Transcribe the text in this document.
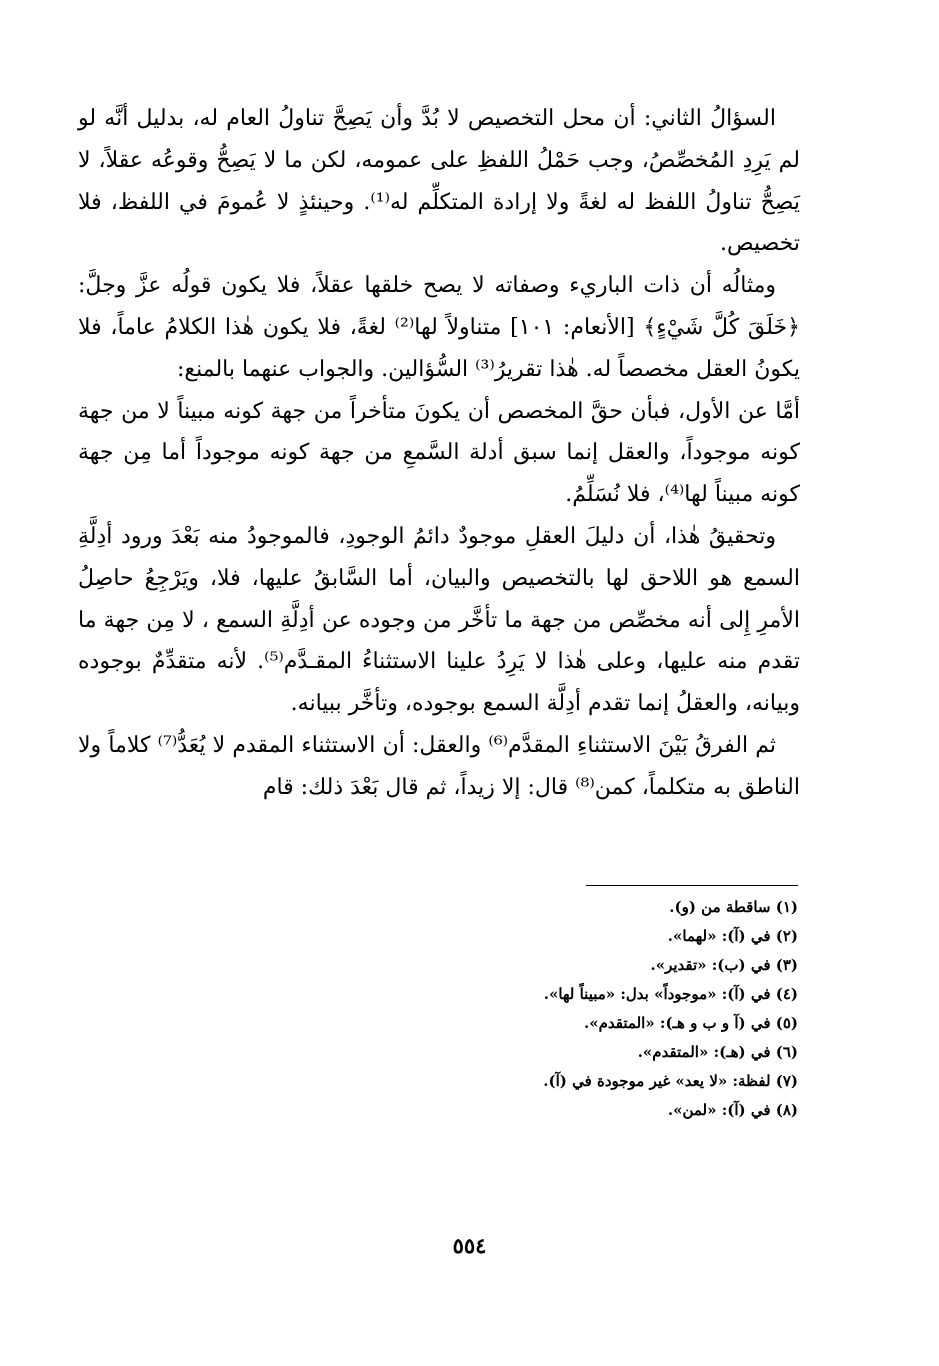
السؤالُ الثاني: أن محل التخصيص لا بُدَّ وأن يَصِحَّ تناولُ العام له، بدليل أنَّه لو لم يَرِدِ المُخصِّصُ، وجب حَمْلُ اللفظِ على عمومه، لكن ما لا يَصِحُّ وقوعُه عقلاً، لا يَصِحُّ تناولُ اللفظ له لغةً ولا إرادة المتكلِّم له⁽¹⁾. وحينئذٍ لا عُمومَ في اللفظ، فلا تخصيص.

ومثالُه أن ذات الباريء وصفاته لا يصح خلقها عقلاً، فلا يكون قولُه عزَّ وجلَّ: ﴿خَلَقَ كُلَّ شَيْءٍ﴾ [الأنعام: ١٠١] متناولاً لها⁽²⁾ لغةً، فلا يكون هٰذا الكلامُ عاماً، فلا يكونُ العقل مخصصاً له. هٰذا تقريرُ⁽³⁾ السُّؤالين. والجواب عنهما بالمنع:

أمَّا عن الأول، فبأن حقَّ المخصص أن يكونَ متأخراً من جهة كونه مبيناً لا من جهة كونه موجوداً، والعقل إنما سبق أدلة السَّمعِ من جهة كونه موجوداً أما مِن جهة كونه مبيناً لها⁽⁴⁾، فلا نُسَلِّمُ.

وتحقيقُ هٰذا، أن دليلَ العقلِ موجودٌ دائمُ الوجودِ، فالموجودُ منه بَعْدَ ورود أدِلَّةِ السمع هو اللاحق لها بالتخصيص والبيان، أما السَّابقُ عليها، فلا، ويَرْجِعُ حاصِلُ الأمرِ إِلى أنه مخصِّص من جهة ما تأخَّر من وجوده عن أدِلَّةِ السمع ، لا مِن جهة ما تقدم منه عليها، وعلى هٰذا لا يَرِدُ علينا الاستثناءُ المقـدَّم⁽⁵⁾. لأنه متقدِّمٌ بوجوده وبيانه، والعقلُ إنما تقدم أدِلَّة السمع بوجوده، وتأخَّر ببيانه.

ثم الفرقُ بَيْنَ الاستثناءِ المقدَّم⁽⁶⁾ والعقل: أن الاستثناء المقدم لا يُعَدُّ⁽⁷⁾ كلاماً ولا الناطق به متكلماً، كمن⁽⁸⁾ قال: إلا زيداً، ثم قال بَعْدَ ذلك: قام

(١) ساقطة من (و).
(٢) في (آ): «لهما».
(٣) في (ب): «تقدير».
(٤) في (آ): «موجوداً» بدل: «مبيناً لها».
(٥) في (آ و ب و هـ): «المتقدم».
(٦) في (هـ): «المتقدم».
(٧) لفظة: «لا يعد» غير موجودة في (آ).
(٨) في (آ): «لمن».
٥٥٤
